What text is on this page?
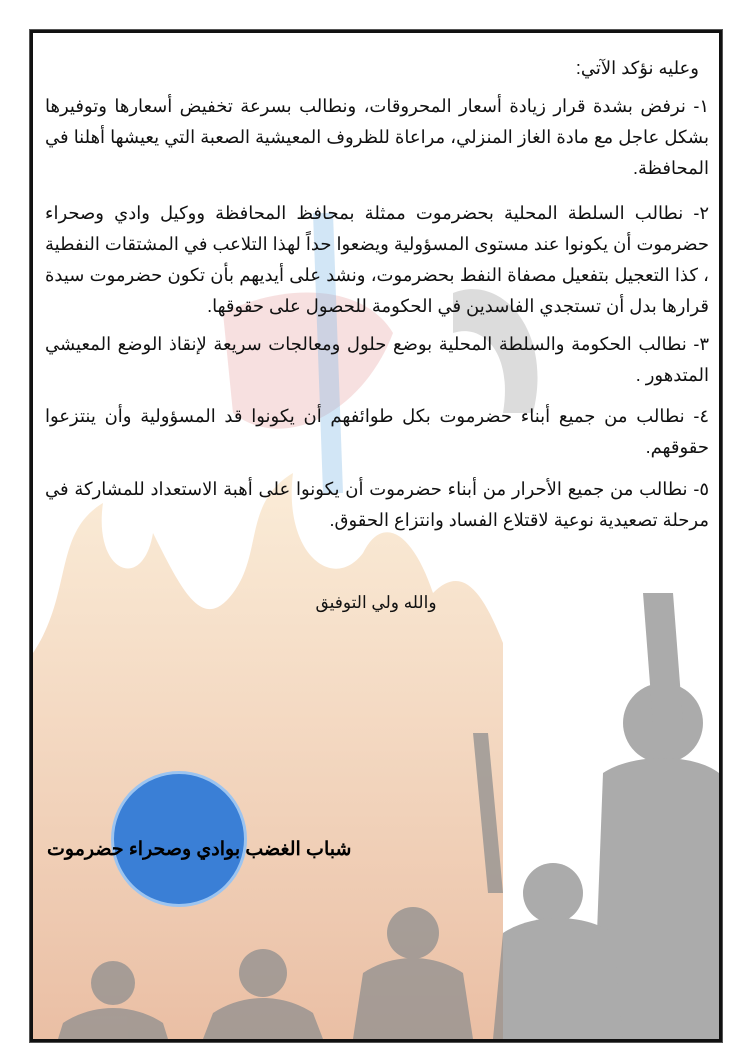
وعليه نؤكد الآتي:
١- نرفض بشدة قرار زيادة أسعار المحروقات، ونطالب بسرعة تخفيض أسعارها وتوفيرها بشكل عاجل مع مادة الغاز المنزلي، مراعاة للظروف المعيشية الصعبة التي يعيشها أهلنا في المحافظة.
٢- نطالب السلطة المحلية بحضرموت ممثلة بمحافظ المحافظة ووكيل وادي وصحراء حضرموت أن يكونوا عند مستوى المسؤولية ويضعوا حداً لهذا التلاعب في المشتقات النفطية ، كذا التعجيل بتفعيل مصفاة النفط بحضرموت، ونشد على أيديهم بأن تكون حضرموت سيدة قرارها بدل أن تستجدي الفاسدين في الحكومة للحصول على حقوقها.
٣- نطالب الحكومة والسلطة المحلية بوضع حلول ومعالجات سريعة لإنقاذ الوضع المعيشي المتدهور .
٤- نطالب من جميع أبناء حضرموت بكل طوائفهم أن يكونوا قد المسؤولية وأن ينتزعوا حقوقهم.
٥- نطالب من جميع الأحرار من أبناء حضرموت أن يكونوا على أهبة الاستعداد للمشاركة في مرحلة تصعيدية نوعية لاقتلاع الفساد وانتزاع الحقوق.
والله ولي التوفيق
شباب الغضب بوادي وصحراء حضرموت
